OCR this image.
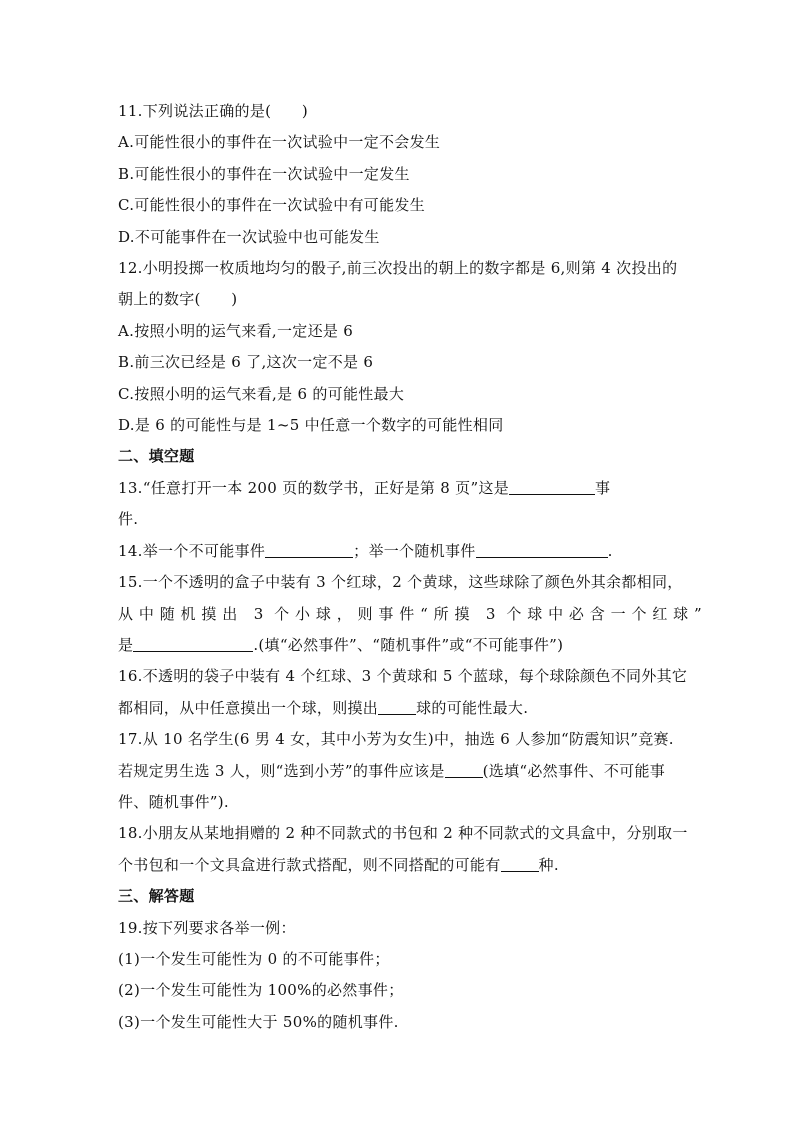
11.下列说法正确的是(　　)
A.可能性很小的事件在一次试验中一定不会发生
B.可能性很小的事件在一次试验中一定发生
C.可能性很小的事件在一次试验中有可能发生
D.不可能事件在一次试验中也可能发生
12.小明投掷一枚质地均匀的骰子,前三次投出的朝上的数字都是 6,则第 4 次投出的
朝上的数字(　　)
A.按照小明的运气来看,一定还是 6
B.前三次已经是 6 了,这次一定不是 6
C.按照小明的运气来看,是 6 的可能性最大
D.是 6 的可能性与是 1~5 中任意一个数字的可能性相同
二、填空题
13.“任意打开一本 200 页的数学书，正好是第 8 页”这是	事
件.
14.举一个不可能事件	；举一个随机事件	.
15.一个不透明的盒子中装有 3 个红球，2 个黄球，这些球除了颜色外其余都相同，
从中随机摸出 3 个小球，则事件“所摸 3 个球中必含一个红球”
是	.(填“必然事件”、“随机事件”或“不可能事件”)
16.不透明的袋子中装有 4 个红球、3 个黄球和 5 个蓝球，每个球除颜色不同外其它
都相同，从中任意摸出一个球，则摸出	球的可能性最大.
17.从 10 名学生(6 男 4 女，其中小芳为女生)中，抽选 6 人参加“防震知识”竞赛.
若规定男生选 3 人，则“选到小芳”的事件应该是	(选填“必然事件、不可能事
件、随机事件”).
18.小朋友从某地捐赠的 2 种不同款式的书包和 2 种不同款式的文具盒中，分别取一
个书包和一个文具盒进行款式搭配，则不同搭配的可能有	种.
三、解答题
19.按下列要求各举一例：
(1)一个发生可能性为 0 的不可能事件；
(2)一个发生可能性为 100%的必然事件；
(3)一个发生可能性大于 50%的随机事件.
